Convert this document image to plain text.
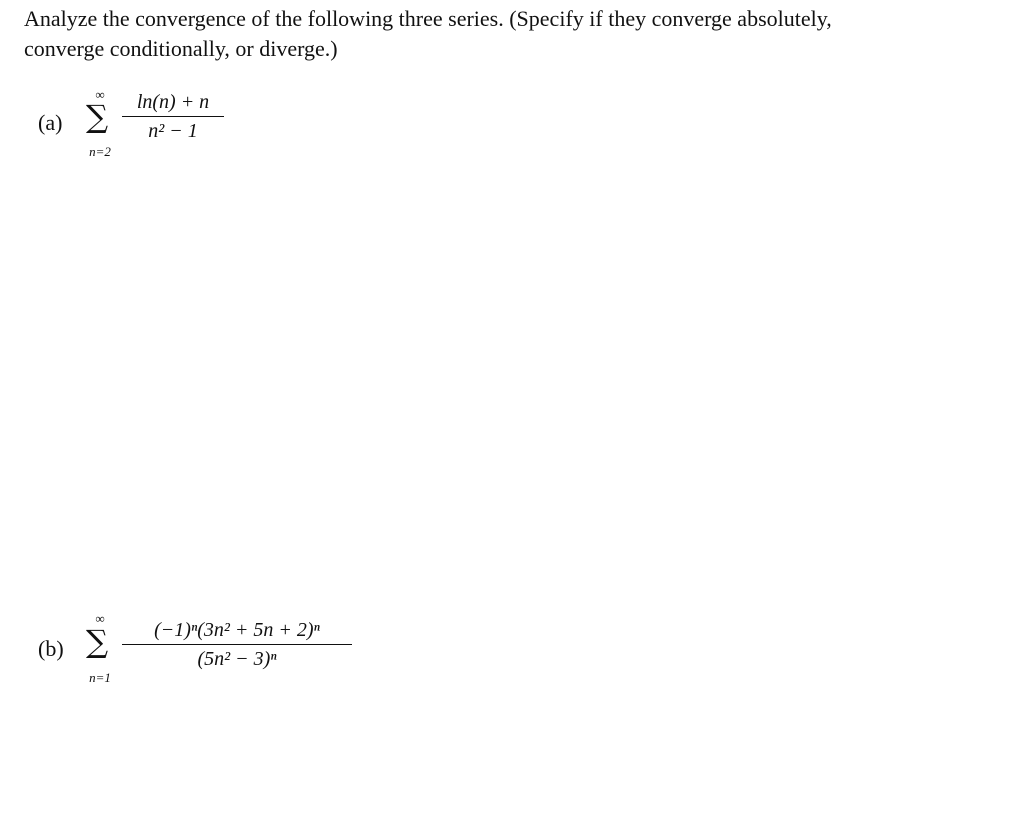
Analyze the convergence of the following three series. (Specify if they converge absolutely,
converge conditionally, or diverge.)
(a)
∞
∑
n=2
ln(n) + n
n² − 1
(b)
∞
∑
n=1
(−1)ⁿ(3n² + 5n + 2)ⁿ
(5n² − 3)ⁿ
